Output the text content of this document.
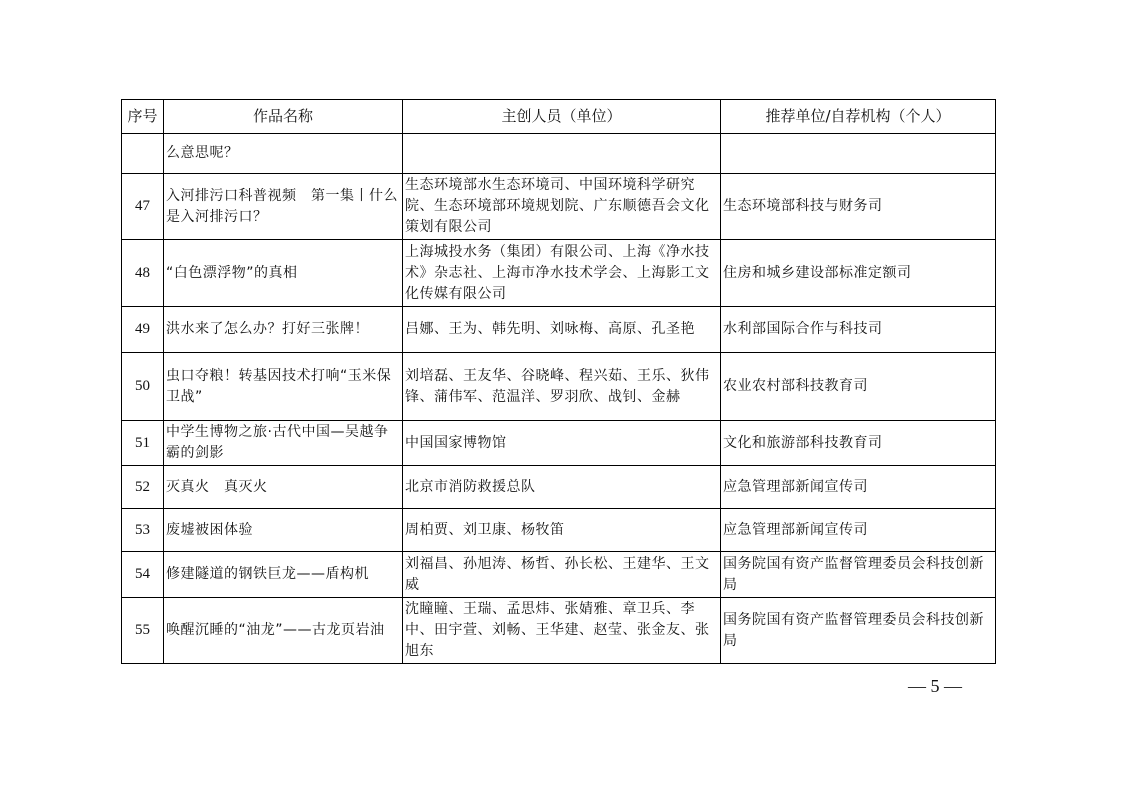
序号	作品名称	主创人员（单位）	推荐单位/自荐机构（个人）
	么意思呢？		
47	入河排污口科普视频　第一集丨什么是入河排污口？	生态环境部水生态环境司、中国环境科学研究院、生态环境部环境规划院、广东顺德吾会文化策划有限公司	生态环境部科技与财务司
48	“白色漂浮物”的真相	上海城投水务（集团）有限公司、上海《净水技术》杂志社、上海市净水技术学会、上海影工文化传媒有限公司	住房和城乡建设部标准定额司
49	洪水来了怎么办？打好三张牌！	吕娜、王为、韩先明、刘咏梅、高原、孔圣艳	水利部国际合作与科技司
50	虫口夺粮！转基因技术打响“玉米保卫战”	刘培磊、王友华、谷晓峰、程兴茹、王乐、狄伟锋、蒲伟军、范温洋、罗羽欣、战钊、金赫	农业农村部科技教育司
51	中学生博物之旅·古代中国—吴越争霸的剑影	中国国家博物馆	文化和旅游部科技教育司
52	灭真火　真灭火	北京市消防救援总队	应急管理部新闻宣传司
53	废墟被困体验	周柏贾、刘卫康、杨牧笛	应急管理部新闻宣传司
54	修建隧道的钢铁巨龙——盾构机	刘福昌、孙旭涛、杨哲、孙长松、王建华、王文威	国务院国有资产监督管理委员会科技创新局
55	唤醒沉睡的“油龙”——古龙页岩油	沈瞳瞳、王瑞、孟思炜、张婧雅、章卫兵、李中、田宇萱、刘畅、王华建、赵莹、张金友、张旭东	国务院国有资产监督管理委员会科技创新局
— 5 —
